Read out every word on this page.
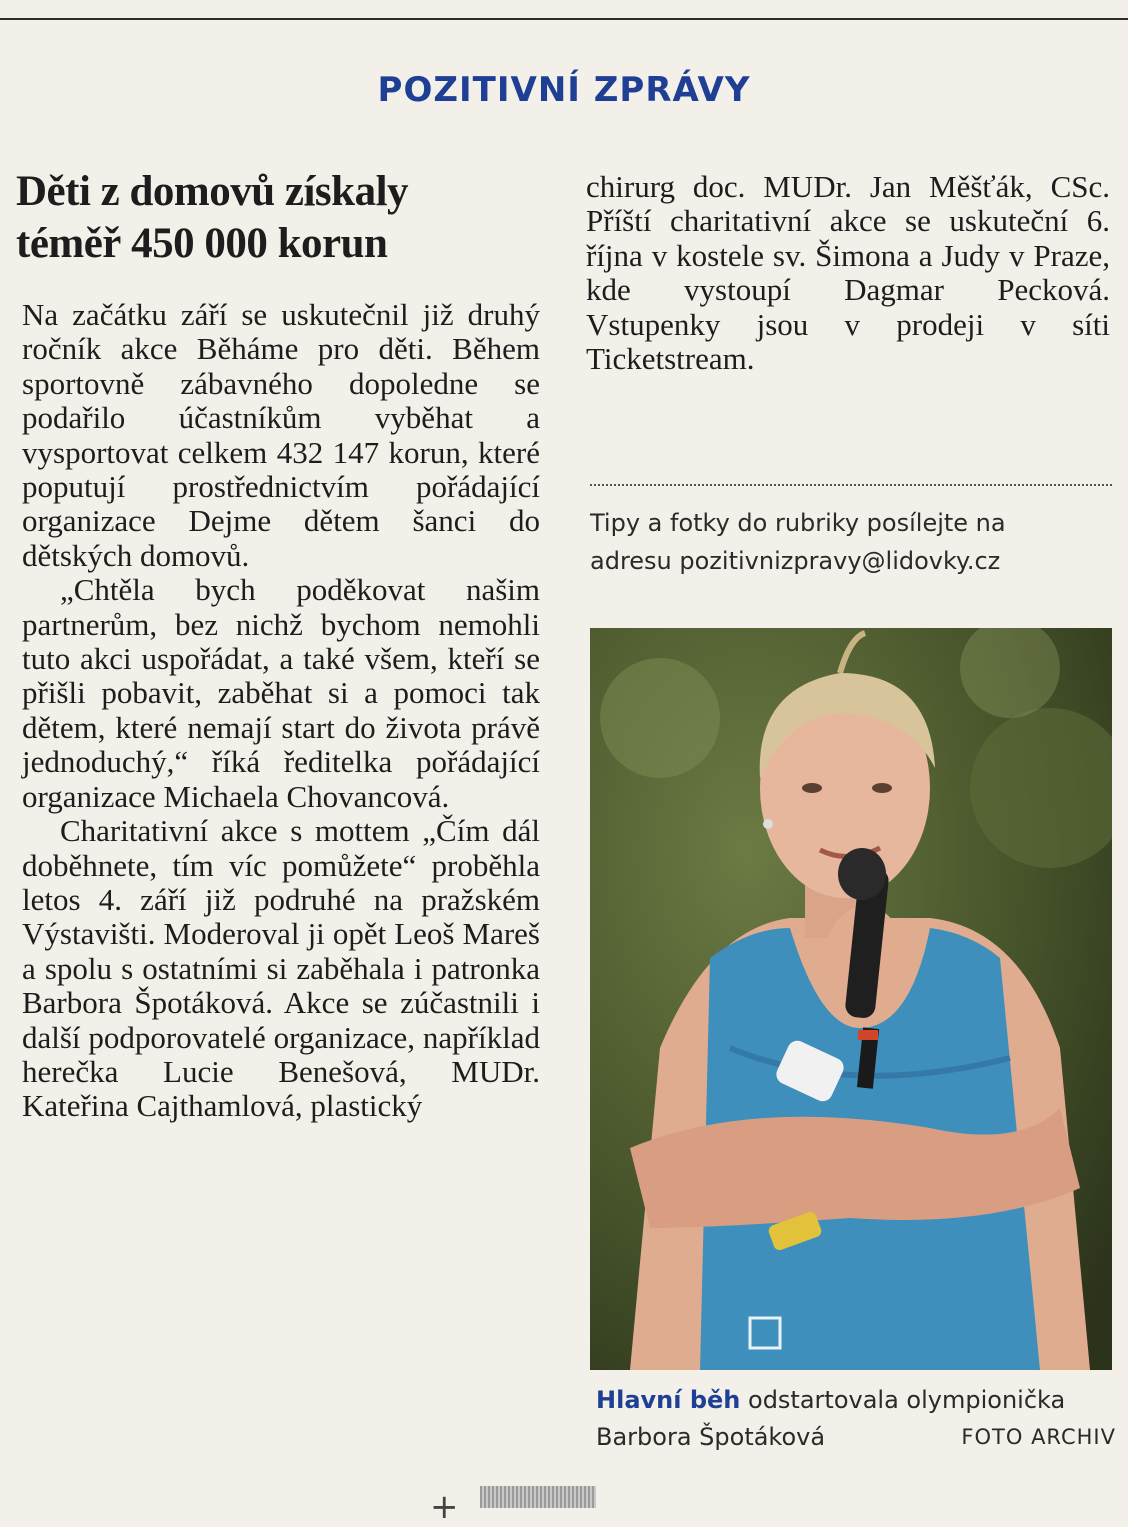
POZITIVNÍ ZPRÁVY
Děti z domovů získaly
téměř 450 000 korun

Na začátku září se uskutečnil již druhý ročník akce Běháme pro děti. Během sportovně zábavného dopoledne se podařilo účastníkům vyběhat a vysportovat celkem 432 147 korun, které poputují prostřednictvím pořádající organizace Dejme dětem šanci do dětských domovů.

„Chtěla bych poděkovat našim partnerům, bez nichž bychom nemohli tuto akci uspořádat, a také všem, kteří se přišli pobavit, zaběhat si a pomoci tak dětem, které nemají start do života právě jednoduchý,“ říká ředitelka pořádající organizace Michaela Chovancová.

Charitativní akce s mottem „Čím dál doběhnete, tím víc pomůžete“ proběhla letos 4. září již podruhé na pražském Výstavišti. Moderoval ji opět Leoš Mareš a spolu s ostatními si zaběhala i patronka Barbora Špotáková. Akce se zúčastnili i další podporovatelé organizace, například herečka Lucie Benešová, MUDr. Kateřina Cajthamlová, plastický

chirurg doc. MUDr. Jan Měšťák, CSc. Příští charitativní akce se uskuteční 6. října v kostele sv. Šimona a Judy v Praze, kde vystoupí Dagmar Pecková. Vstupenky jsou v prodeji v síti Ticketstream.

Tipy a fotky do rubriky posílejte na
adresu pozitivnizpravy@lidovky.cz
Hlavní běh odstartovala olympionička
Barbora Špotáková	FOTO ARCHIV
+
